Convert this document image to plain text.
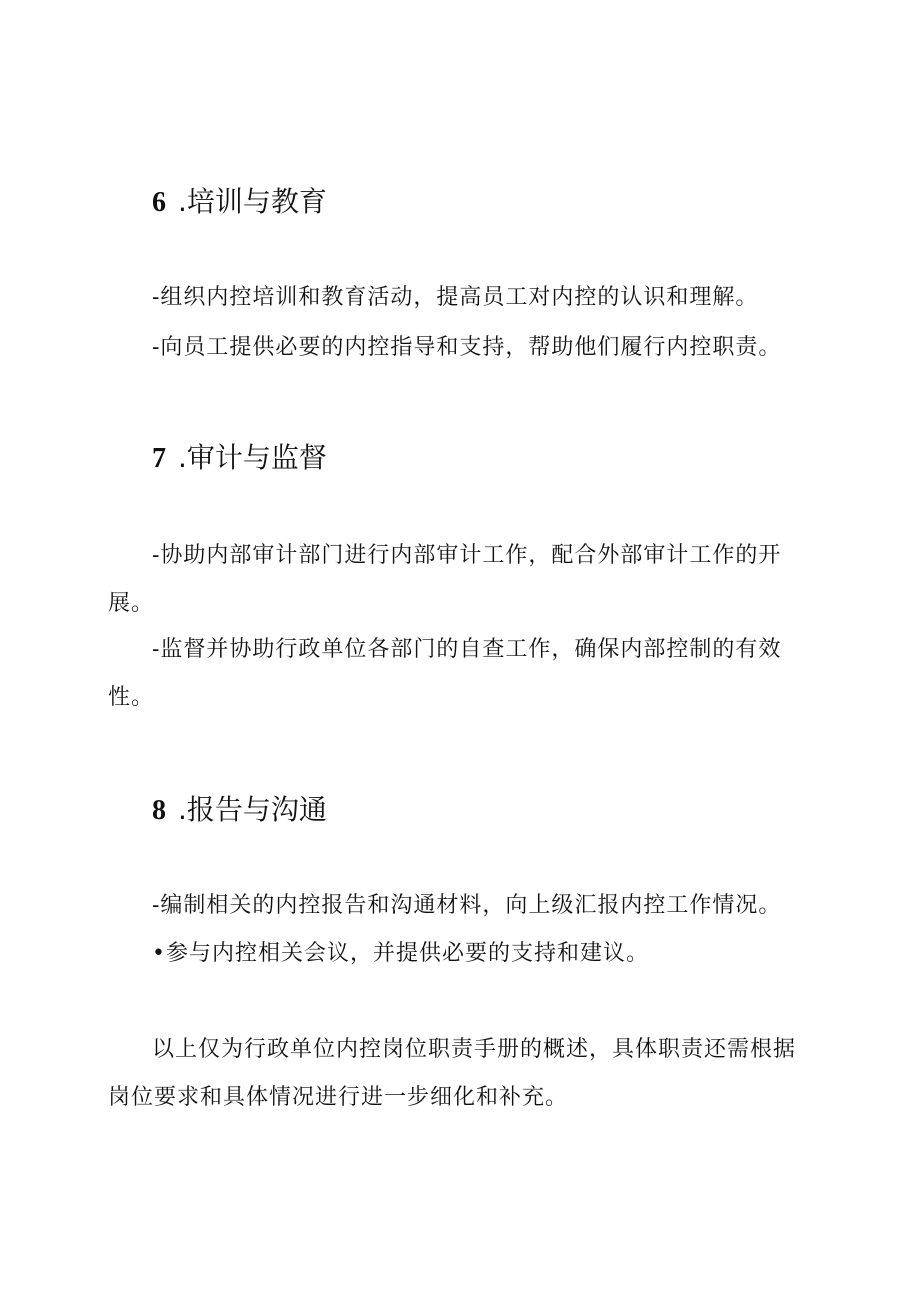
6 .培训与教育

-组织内控培训和教育活动，提高员工对内控的认识和理解。

-向员工提供必要的内控指导和支持，帮助他们履行内控职责。

7 .审计与监督

-协助内部审计部门进行内部审计工作，配合外部审计工作的开展。

-监督并协助行政单位各部门的自查工作，确保内部控制的有效性。

8 .报告与沟通

-编制相关的内控报告和沟通材料，向上级汇报内控工作情况。

•参与内控相关会议，并提供必要的支持和建议。

以上仅为行政单位内控岗位职责手册的概述，具体职责还需根据岗位要求和具体情况进行进一步细化和补充。
